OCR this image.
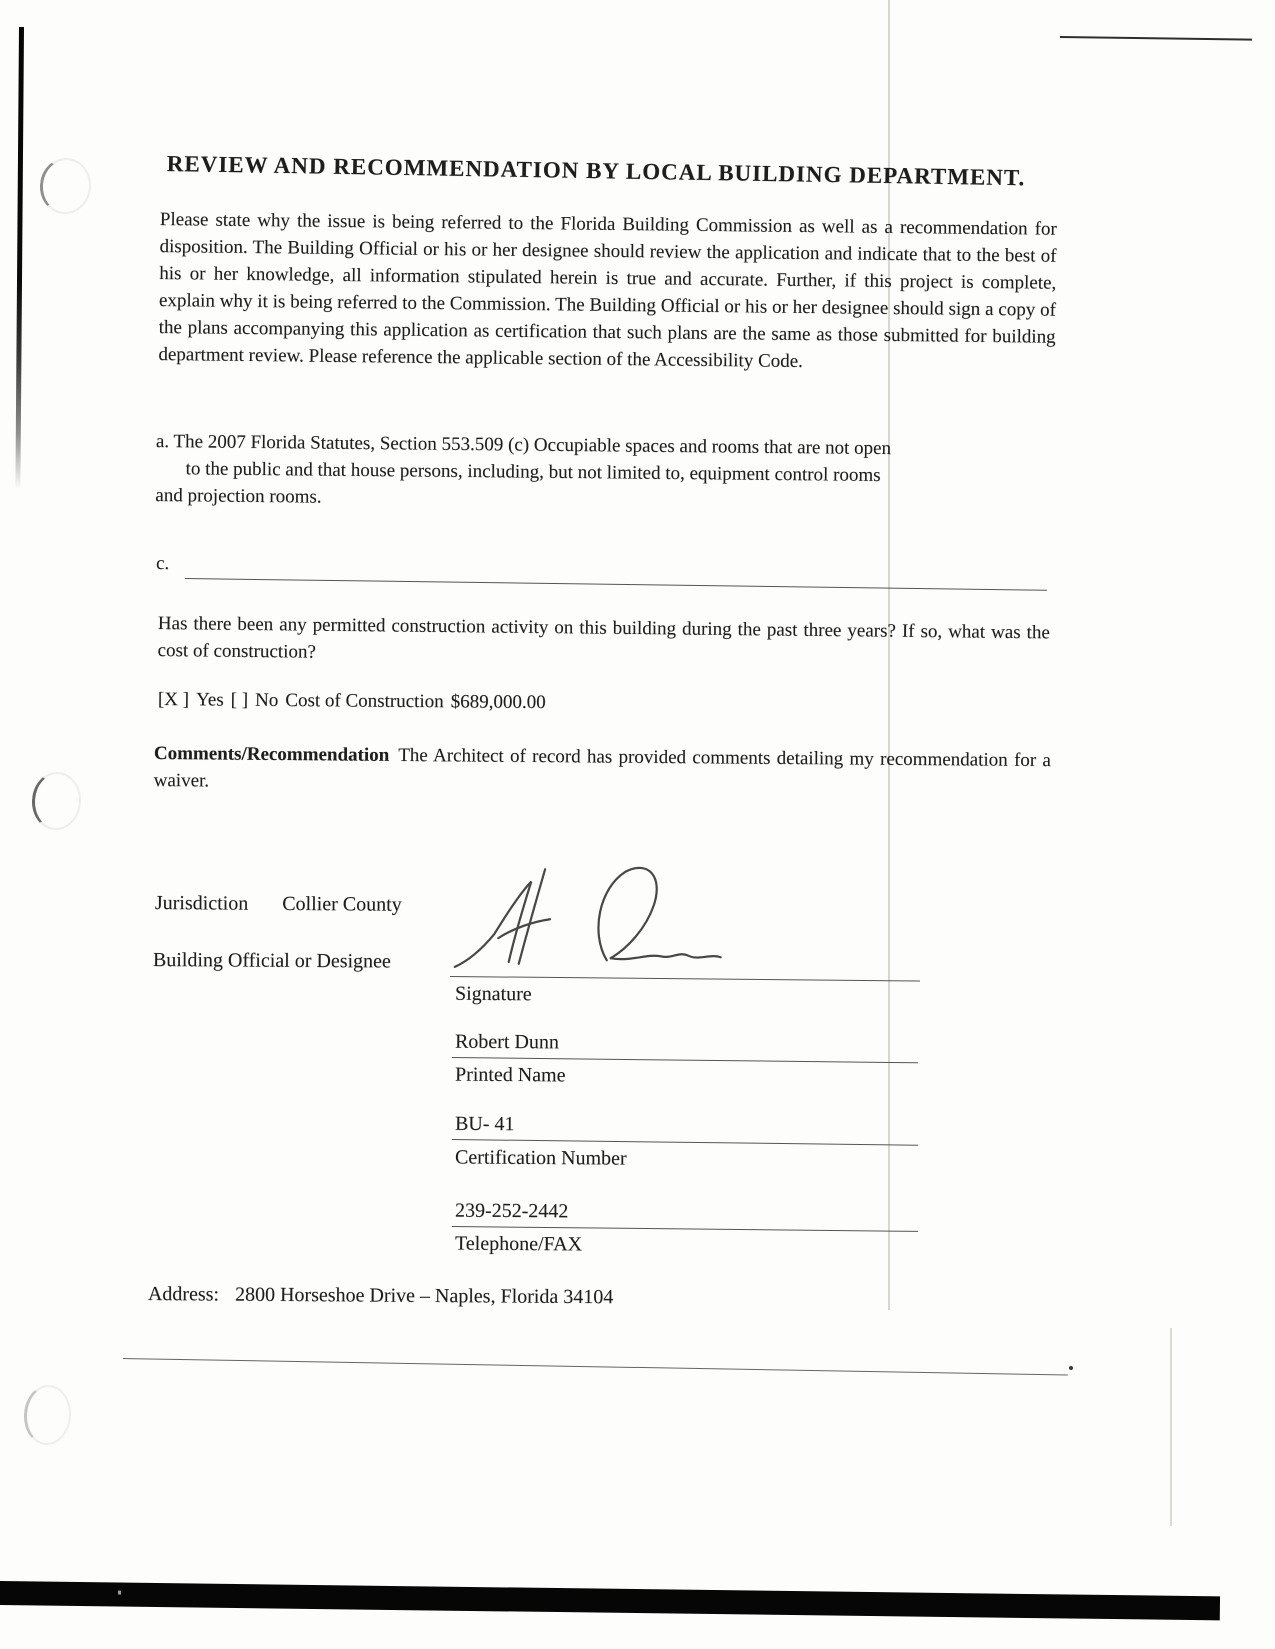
REVIEW AND RECOMMENDATION BY LOCAL BUILDING DEPARTMENT.
Please state why the issue is being referred to the Florida Building Commission as well as a recommendation for disposition. The Building Official or his or her designee should review the application and indicate that to the best of his or her knowledge, all information stipulated herein is true and accurate. Further, if this project is complete, explain why it is being referred to the Commission. The Building Official or his or her designee should sign a copy of the plans accompanying this application as certification that such plans are the same as those submitted for building department review. Please reference the applicable section of the Accessibility Code.
a. The 2007 Florida Statutes, Section 553.509 (c) Occupiable spaces and rooms that are not open
to the public and that house persons, including, but not limited to, equipment control rooms
and projection rooms.
c.
Has there been any permitted construction activity on this building during the past three years? If so, what was the cost of construction?
[X ] Yes [ ] No Cost of Construction $689,000.00
Comments/Recommendation The Architect of record has provided comments detailing my recommendation for a waiver.
Jurisdiction Collier County
Building Official or Designee
Signature
Robert Dunn
Printed Name
BU- 41
Certification Number
239-252-2442
Telephone/FAX
Address: 2800 Horseshoe Drive – Naples, Florida 34104
